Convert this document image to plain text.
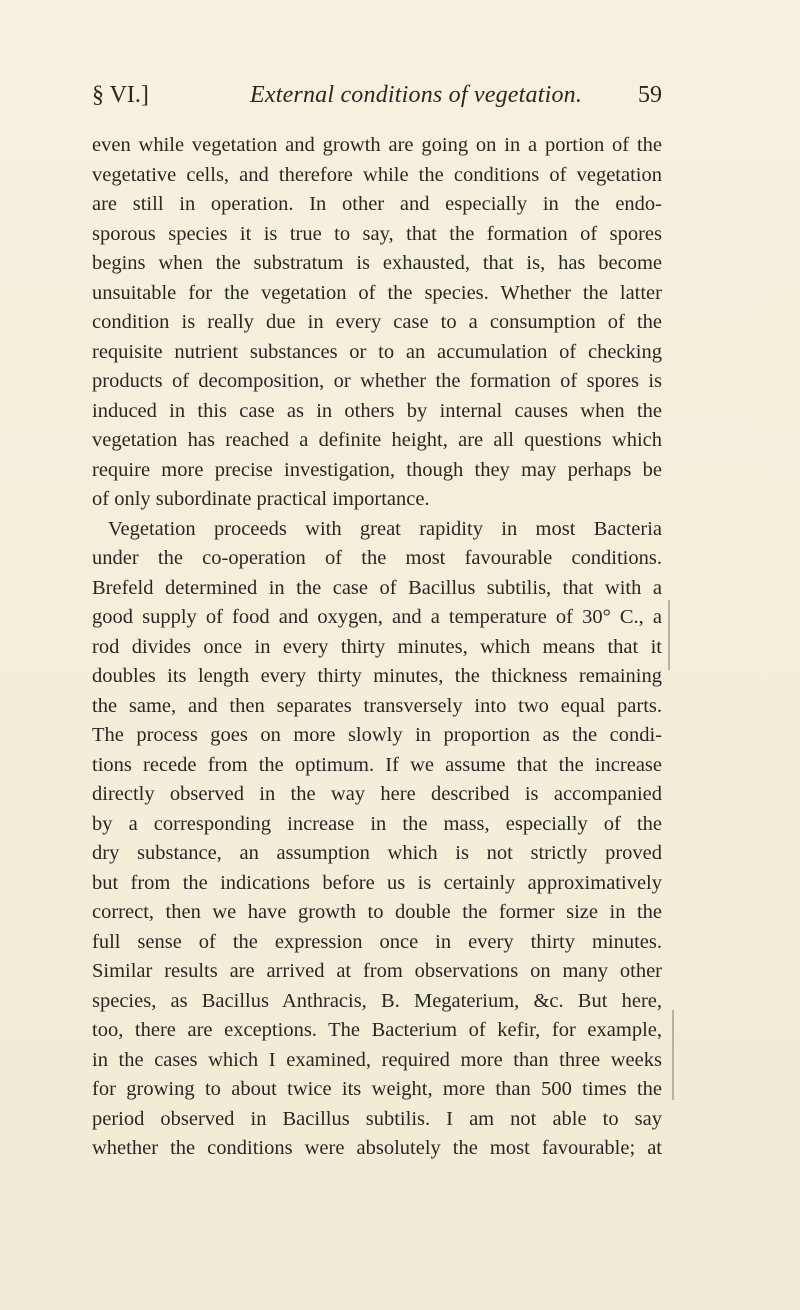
§ VI.]	External conditions of vegetation. 59
even while vegetation and growth are going on in a portion of the
vegetative cells, and therefore while the conditions of vegetation
are still in operation. In other and especially in the endo-
sporous species it is true to say, that the formation of spores
begins when the substratum is exhausted, that is, has become
unsuitable for the vegetation of the species. Whether the latter
condition is really due in every case to a consumption of the
requisite nutrient substances or to an accumulation of checking
products of decomposition, or whether the formation of spores is
induced in this case as in others by internal causes when the
vegetation has reached a definite height, are all questions which
require more precise investigation, though they may perhaps be
of only subordinate practical importance.
Vegetation proceeds with great rapidity in most Bacteria
under the co-operation of the most favourable conditions.
Brefeld determined in the case of Bacillus subtilis, that with a
good supply of food and oxygen, and a temperature of 30° C., a
rod divides once in every thirty minutes, which means that it
doubles its length every thirty minutes, the thickness remaining
the same, and then separates transversely into two equal parts.
The process goes on more slowly in proportion as the condi-
tions recede from the optimum. If we assume that the increase
directly observed in the way here described is accompanied
by a corresponding increase in the mass, especially of the
dry substance, an assumption which is not strictly proved
but from the indications before us is certainly approximatively
correct, then we have growth to double the former size in the
full sense of the expression once in every thirty minutes.
Similar results are arrived at from observations on many other
species, as Bacillus Anthracis, B. Megaterium, &c. But here,
too, there are exceptions. The Bacterium of kefir, for example,
in the cases which I examined, required more than three weeks
for growing to about twice its weight, more than 500 times the
period observed in Bacillus subtilis. I am not able to say
whether the conditions were absolutely the most favourable; at
